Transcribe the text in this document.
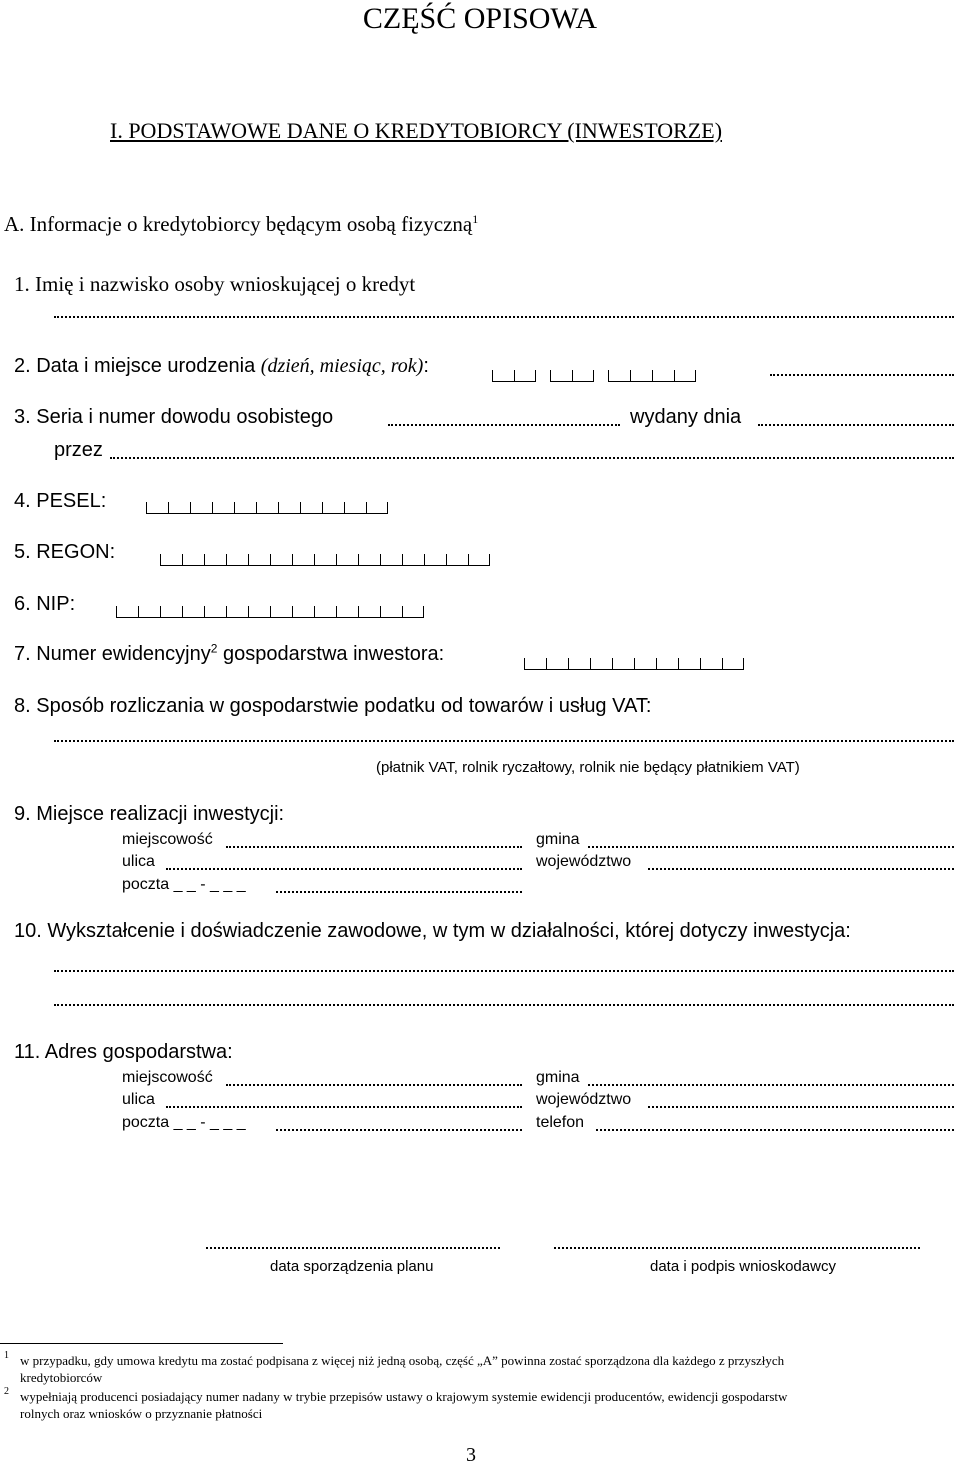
CZĘŚĆ OPISOWA
I. PODSTAWOWE DANE O KREDYTOBIORCY (INWESTORZE)
A. Informacje o kredytobiorcy będącym osobą fizyczną$^1$
1. Imię i nazwisko osoby wnioskującej o kredyt
2. Data i miejsce urodzenia (dzień, miesiąc, rok):
3. Seria i numer dowodu osobistego	wydany dnia
przez
4. PESEL:
5. REGON:
6. NIP:
7. Numer ewidencyjny$^2$ gospodarstwa inwestora:
8. Sposób rozliczania w gospodarstwie podatku od towarów i usług VAT:
(płatnik VAT, rolnik ryczałtowy, rolnik nie będący płatnikiem VAT)
9. Miejsce realizacji inwestycji:
miejscowość	gmina
ulica	województwo
poczta _ _ - _ _ _
10. Wykształcenie i doświadczenie zawodowe, w tym w działalności, której dotyczy inwestycja:
11. Adres gospodarstwa:
miejscowość	gmina
ulica	województwo
poczta _ _ - _ _ _	telefon
data sporządzenia planu	data i podpis wnioskodawcy
1 w przypadku, gdy umowa kredytu ma zostać podpisana z więcej niż jedną osobą, część „A” powinna zostać sporządzona dla każdego z przyszłych
kredytobiorców
2 wypełniają producenci posiadający numer nadany w trybie przepisów ustawy o krajowym systemie ewidencji producentów, ewidencji gospodarstw
rolnych oraz wniosków o przyznanie płatności
3
